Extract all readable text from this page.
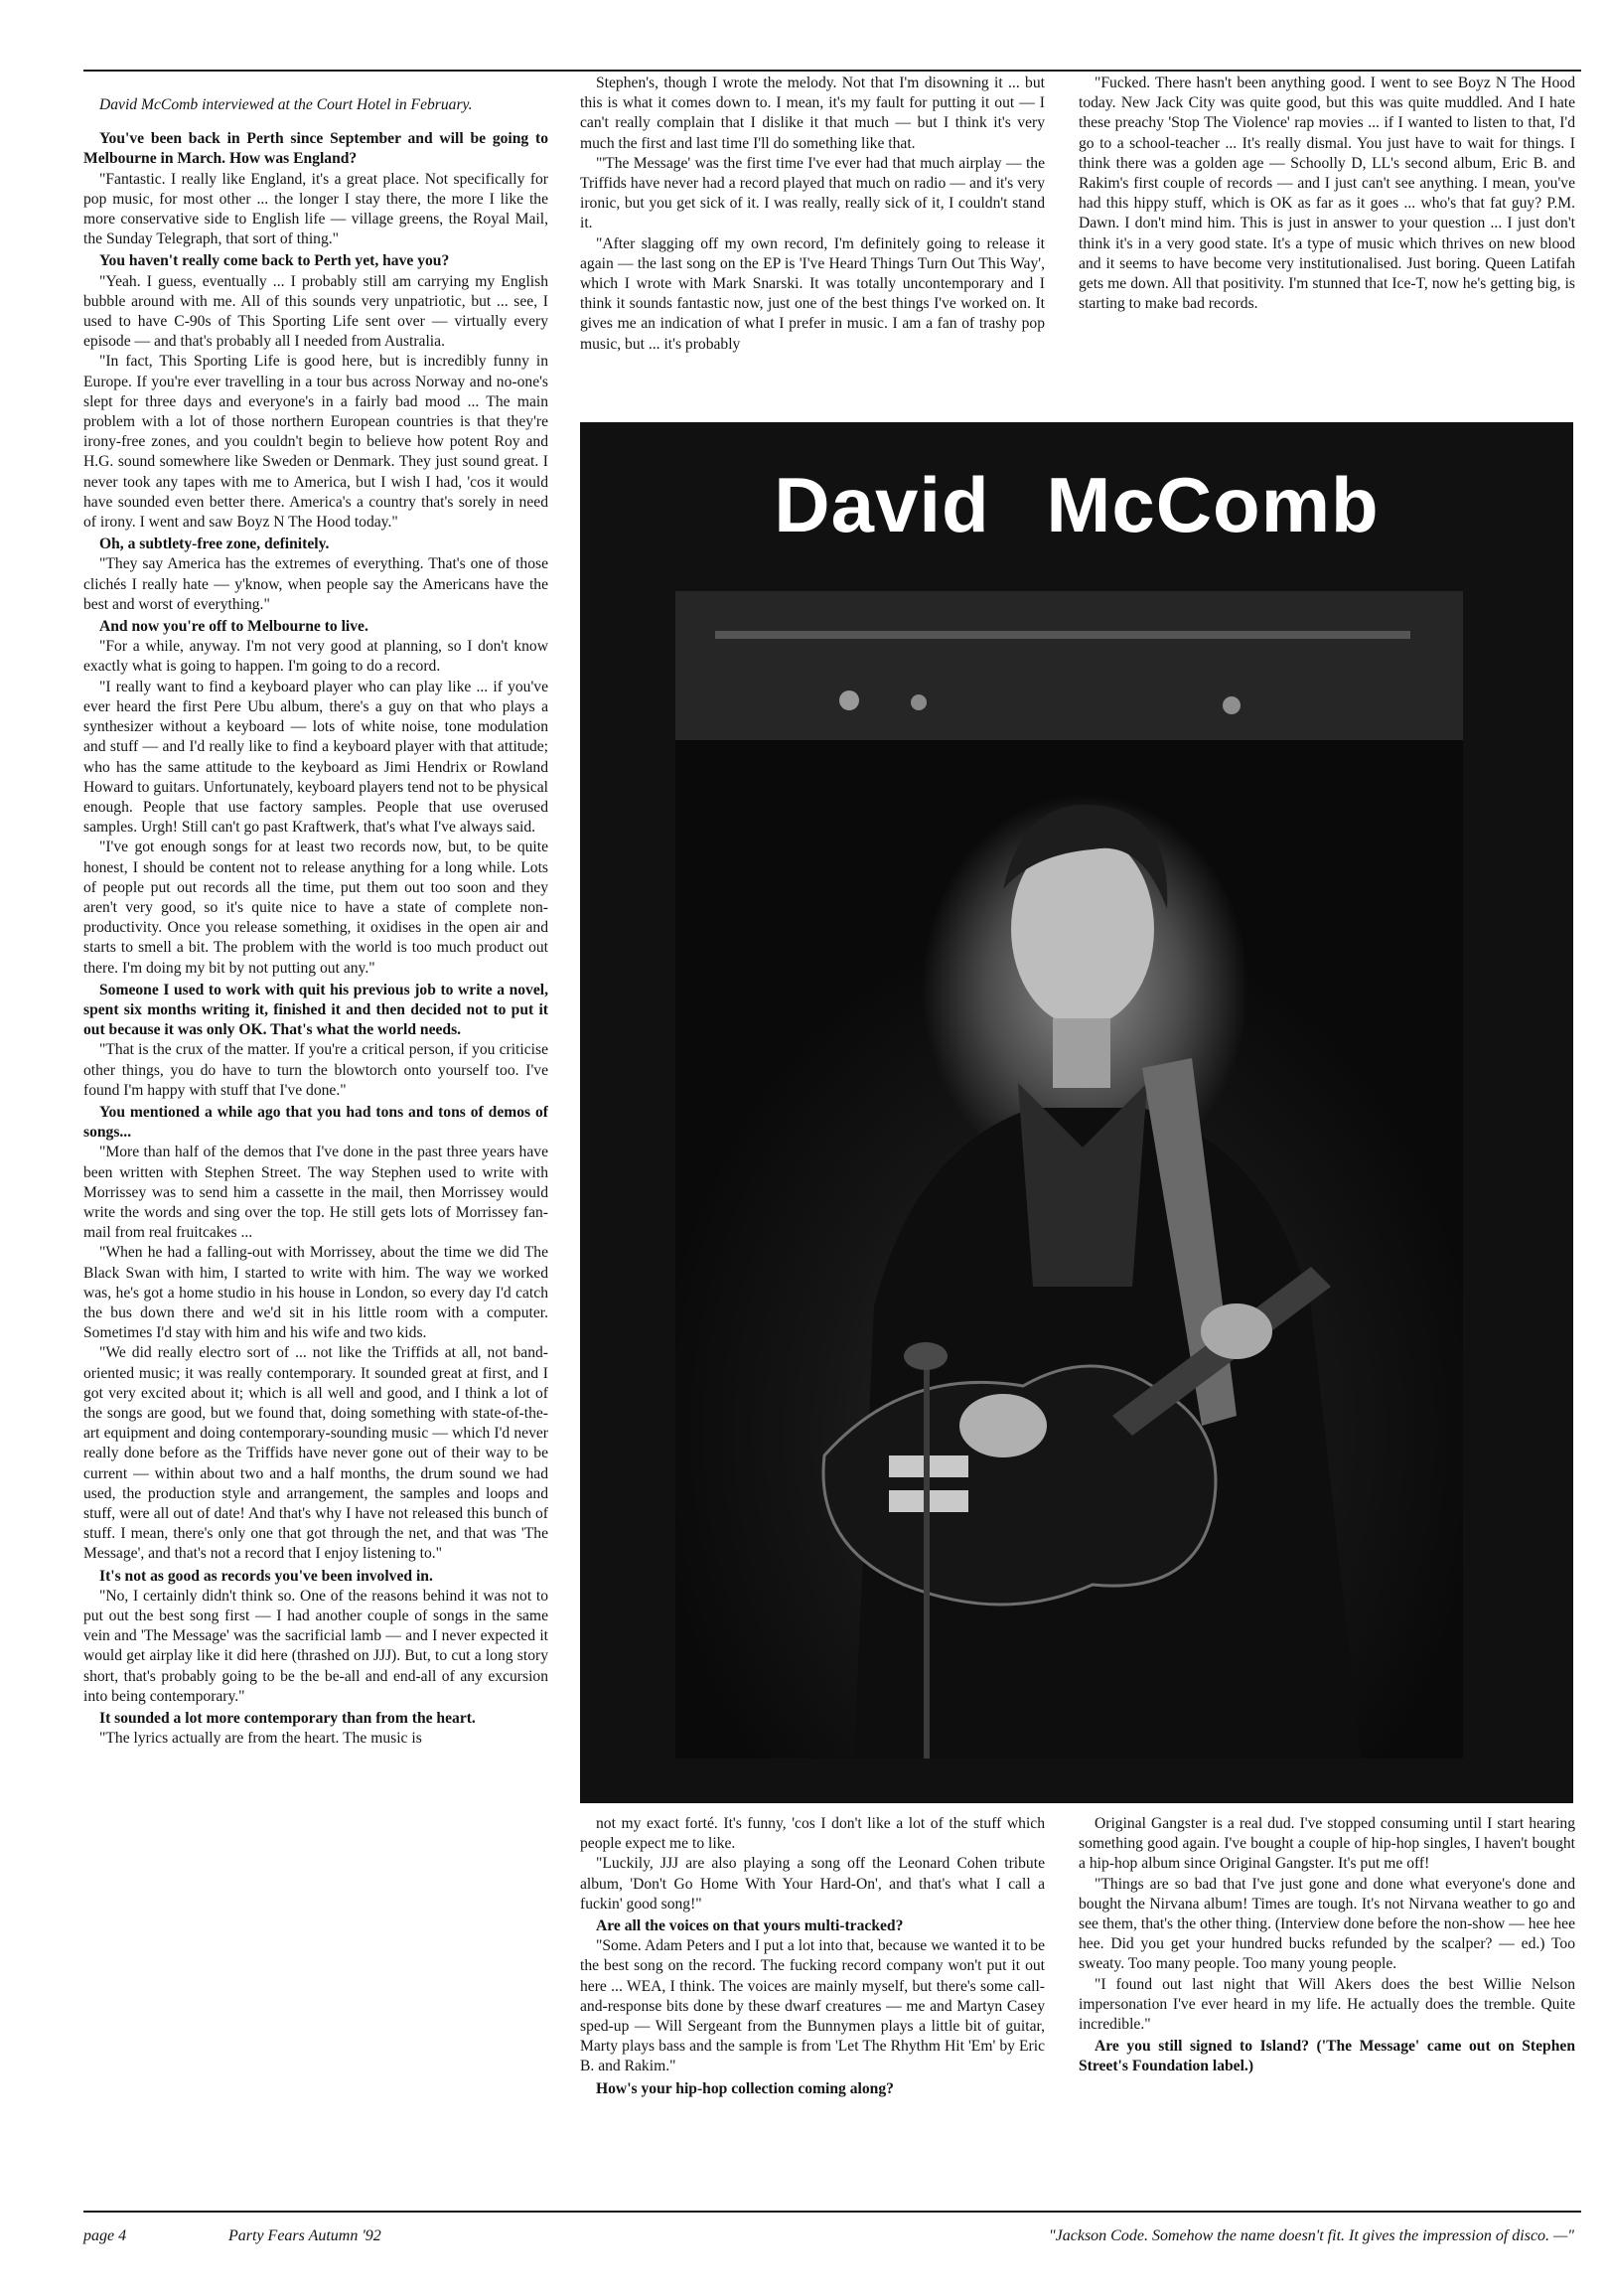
David McComb interviewed at the Court Hotel in February.

You've been back in Perth since September and will be going to Melbourne in March. How was England?

"Fantastic. I really like England, it's a great place. Not specifically for pop music, for most other ... the longer I stay there, the more I like the more conservative side to English life — village greens, the Royal Mail, the Sunday Telegraph, that sort of thing."

You haven't really come back to Perth yet, have you?

"Yeah. I guess, eventually ... I probably still am carrying my English bubble around with me. All of this sounds very unpatriotic, but ... see, I used to have C-90s of This Sporting Life sent over — virtually every episode — and that's probably all I needed from Australia.

"In fact, This Sporting Life is good here, but is incredibly funny in Europe. If you're ever travelling in a tour bus across Norway and no-one's slept for three days and everyone's in a fairly bad mood ... The main problem with a lot of those northern European countries is that they're irony-free zones, and you couldn't begin to believe how potent Roy and H.G. sound somewhere like Sweden or Denmark. They just sound great. I never took any tapes with me to America, but I wish I had, 'cos it would have sounded even better there. America's a country that's sorely in need of irony. I went and saw Boyz N The Hood today."

Oh, a subtlety-free zone, definitely.

"They say America has the extremes of everything. That's one of those clichés I really hate — y'know, when people say the Americans have the best and worst of everything."

And now you're off to Melbourne to live.

"For a while, anyway. I'm not very good at planning, so I don't know exactly what is going to happen. I'm going to do a record.

"I really want to find a keyboard player who can play like ... if you've ever heard the first Pere Ubu album, there's a guy on that who plays a synthesizer without a keyboard — lots of white noise, tone modulation and stuff — and I'd really like to find a keyboard player with that attitude; who has the same attitude to the keyboard as Jimi Hendrix or Rowland Howard to guitars. Unfortunately, keyboard players tend not to be physical enough. People that use factory samples. People that use overused samples. Urgh! Still can't go past Kraftwerk, that's what I've always said.

"I've got enough songs for at least two records now, but, to be quite honest, I should be content not to release anything for a long while. Lots of people put out records all the time, put them out too soon and they aren't very good, so it's quite nice to have a state of complete non-productivity. Once you release something, it oxidises in the open air and starts to smell a bit. The problem with the world is too much product out there. I'm doing my bit by not putting out any."

Someone I used to work with quit his previous job to write a novel, spent six months writing it, finished it and then decided not to put it out because it was only OK. That's what the world needs.

"That is the crux of the matter. If you're a critical person, if you criticise other things, you do have to turn the blowtorch onto yourself too. I've found I'm happy with stuff that I've done."

You mentioned a while ago that you had tons and tons of demos of songs...

"More than half of the demos that I've done in the past three years have been written with Stephen Street. The way Stephen used to write with Morrissey was to send him a cassette in the mail, then Morrissey would write the words and sing over the top. He still gets lots of Morrissey fan-mail from real fruitcakes ...

"When he had a falling-out with Morrissey, about the time we did The Black Swan with him, I started to write with him. The way we worked was, he's got a home studio in his house in London, so every day I'd catch the bus down there and we'd sit in his little room with a computer. Sometimes I'd stay with him and his wife and two kids.

"We did really electro sort of ... not like the Triffids at all, not band-oriented music; it was really contemporary. It sounded great at first, and I got very excited about it; which is all well and good, and I think a lot of the songs are good, but we found that, doing something with state-of-the-art equipment and doing contemporary-sounding music — which I'd never really done before as the Triffids have never gone out of their way to be current — within about two and a half months, the drum sound we had used, the production style and arrangement, the samples and loops and stuff, were all out of date! And that's why I have not released this bunch of stuff. I mean, there's only one that got through the net, and that was 'The Message', and that's not a record that I enjoy listening to."

It's not as good as records you've been involved in.

"No, I certainly didn't think so. One of the reasons behind it was not to put out the best song first — I had another couple of songs in the same vein and 'The Message' was the sacrificial lamb — and I never expected it would get airplay like it did here (thrashed on JJJ). But, to cut a long story short, that's probably going to be the be-all and end-all of any excursion into being contemporary."

It sounded a lot more contemporary than from the heart.

"The lyrics actually are from the heart. The music is

Stephen's, though I wrote the melody. Not that I'm disowning it ... but this is what it comes down to. I mean, it's my fault for putting it out — I can't really complain that I dislike it that much — but I think it's very much the first and last time I'll do something like that.

"'The Message' was the first time I've ever had that much airplay — the Triffids have never had a record played that much on radio — and it's very ironic, but you get sick of it. I was really, really sick of it, I couldn't stand it.

"After slagging off my own record, I'm definitely going to release it again — the last song on the EP is 'I've Heard Things Turn Out This Way', which I wrote with Mark Snarski. It was totally uncontemporary and I think it sounds fantastic now, just one of the best things I've worked on. It gives me an indication of what I prefer in music. I am a fan of trashy pop music, but ... it's probably

"Fucked. There hasn't been anything good. I went to see Boyz N The Hood today. New Jack City was quite good, but this was quite muddled. And I hate these preachy 'Stop The Violence' rap movies ... if I wanted to listen to that, I'd go to a school-teacher ... It's really dismal. You just have to wait for things. I think there was a golden age — Schoolly D, LL's second album, Eric B. and Rakim's first couple of records — and I just can't see anything. I mean, you've had this hippy stuff, which is OK as far as it goes ... who's that fat guy? P.M. Dawn. I don't mind him. This is just in answer to your question ... I just don't think it's in a very good state. It's a type of music which thrives on new blood and it seems to have become very institutionalised. Just boring. Queen Latifah gets me down. All that positivity. I'm stunned that Ice-T, now he's getting big, is starting to make bad records.

David McComb

not my exact forté. It's funny, 'cos I don't like a lot of the stuff which people expect me to like.

"Luckily, JJJ are also playing a song off the Leonard Cohen tribute album, 'Don't Go Home With Your Hard-On', and that's what I call a fuckin' good song!"

Are all the voices on that yours multi-tracked?

"Some. Adam Peters and I put a lot into that, because we wanted it to be the best song on the record. The fucking record company won't put it out here ... WEA, I think. The voices are mainly myself, but there's some call-and-response bits done by these dwarf creatures — me and Martyn Casey sped-up — Will Sergeant from the Bunnymen plays a little bit of guitar, Marty plays bass and the sample is from 'Let The Rhythm Hit 'Em' by Eric B. and Rakim."

How's your hip-hop collection coming along?

Original Gangster is a real dud. I've stopped consuming until I start hearing something good again. I've bought a couple of hip-hop singles, I haven't bought a hip-hop album since Original Gangster. It's put me off!

"Things are so bad that I've just gone and done what everyone's done and bought the Nirvana album! Times are tough. It's not Nirvana weather to go and see them, that's the other thing. (Interview done before the non-show — hee hee hee. Did you get your hundred bucks refunded by the scalper? — ed.) Too sweaty. Too many people. Too many young people.

"I found out last night that Will Akers does the best Willie Nelson impersonation I've ever heard in my life. He actually does the tremble. Quite incredible."

Are you still signed to Island? ('The Message' came out on Stephen Street's Foundation label.)

page 4	Party Fears Autumn '92	"Jackson Code. Somehow the name doesn't fit. It gives the impression of disco. —"
